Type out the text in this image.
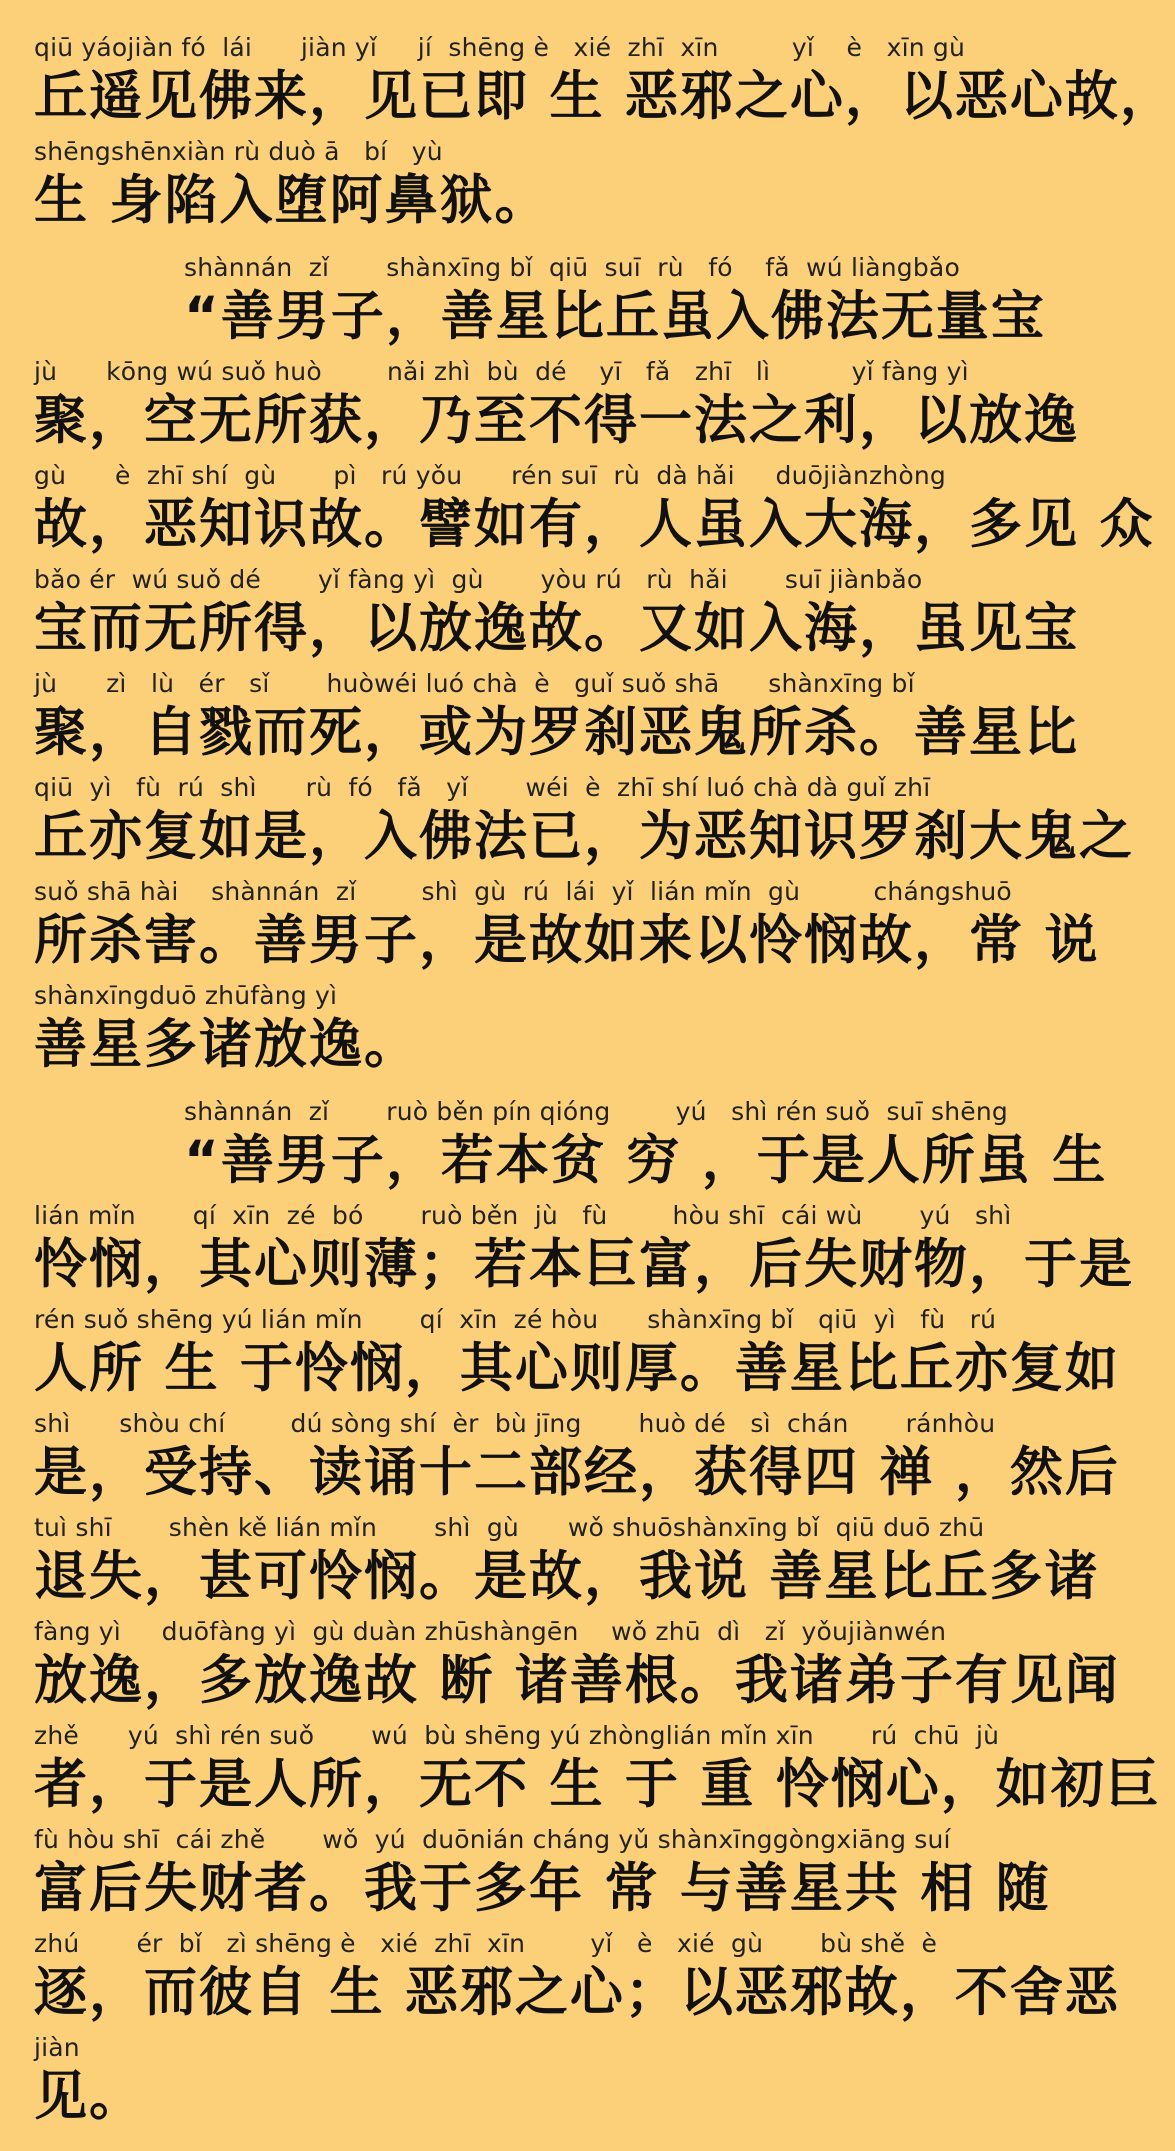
qiū yáojiàn fó  lái      jiàn yǐ     jí  shēng è   xié  zhī  xīn         yǐ    è   xīn gù
丘遥见佛来，见已即 生 恶邪之心，以恶心故，
shēngshēnxiàn rù duò ā   bí   yù
生 身陷入堕阿鼻狱。
shànnán  zǐ       shànxīng bǐ  qiū  suī  rù   fó    fǎ  wú liàngbǎo
“善男子，善星比丘虽入佛法无量宝
jù      kōng wú suǒ huò        nǎi zhì  bù  dé    yī   fǎ   zhī   lì          yǐ fàng yì
聚，空无所获，乃至不得一法之利，以放逸
gù      è  zhī shí  gù       pì   rú yǒu      rén suī  rù  dà hǎi     duōjiànzhòng
故，恶知识故。譬如有，人虽入大海，多见 众
bǎo ér  wú suǒ dé       yǐ fàng yì  gù       yòu rú   rù  hǎi       suī jiànbǎo
宝而无所得，以放逸故。又如入海，虽见宝
jù      zì   lù   ér   sǐ       huòwéi luó chà  è   guǐ suǒ shā      shànxīng bǐ
聚，自戮而死，或为罗刹恶鬼所杀。善星比
qiū  yì   fù  rú  shì      rù  fó   fǎ   yǐ       wéi  è  zhī shí luó chà dà guǐ zhī
丘亦复如是，入佛法已，为恶知识罗刹大鬼之
suǒ shā hài    shànnán  zǐ        shì  gù  rú  lái  yǐ  lián mǐn  gù         chángshuō
所杀害。善男子，是故如来以怜悯故，常 说
shànxīngduō zhūfàng yì
善星多诸放逸。
shànnán  zǐ       ruò běn pín qióng        yú   shì rén suǒ  suī shēng
“善男子，若本贫 穷 ，于是人所虽 生
lián mǐn       qí  xīn  zé  bó       ruò běn  jù   fù        hòu shī  cái wù       yú   shì
怜悯，其心则薄；若本巨富，后失财物，于是
rén suǒ shēng yú lián mǐn       qí  xīn  zé hòu      shànxīng bǐ   qiū  yì   fù   rú
人所 生 于怜悯，其心则厚。善星比丘亦复如
shì      shòu chí        dú sòng shí  èr  bù jīng       huò dé   sì  chán       ránhòu
是，受持、读诵十二部经，获得四 禅 ，然后
tuì shī       shèn kě lián mǐn       shì  gù      wǒ shuōshànxīng bǐ  qiū duō zhū
退失，甚可怜悯。是故，我说 善星比丘多诸
fàng yì     duōfàng yì  gù duàn zhūshàngēn    wǒ zhū  dì   zǐ  yǒujiànwén
放逸，多放逸故 断 诸善根。我诸弟子有见闻
zhě      yú  shì rén suǒ       wú  bù shēng yú zhònglián mǐn xīn       rú  chū  jù
者，于是人所，无不 生 于 重 怜悯心，如初巨
fù hòu shī  cái zhě       wǒ  yú  duōnián cháng yǔ shànxīnggòngxiāng suí
富后失财者。我于多年 常 与善星共 相 随
zhú       ér  bǐ   zì shēng è   xié  zhī  xīn        yǐ   è   xié  gù       bù shě  è
逐，而彼自 生 恶邪之心；以恶邪故，不舍恶
jiàn
见。
